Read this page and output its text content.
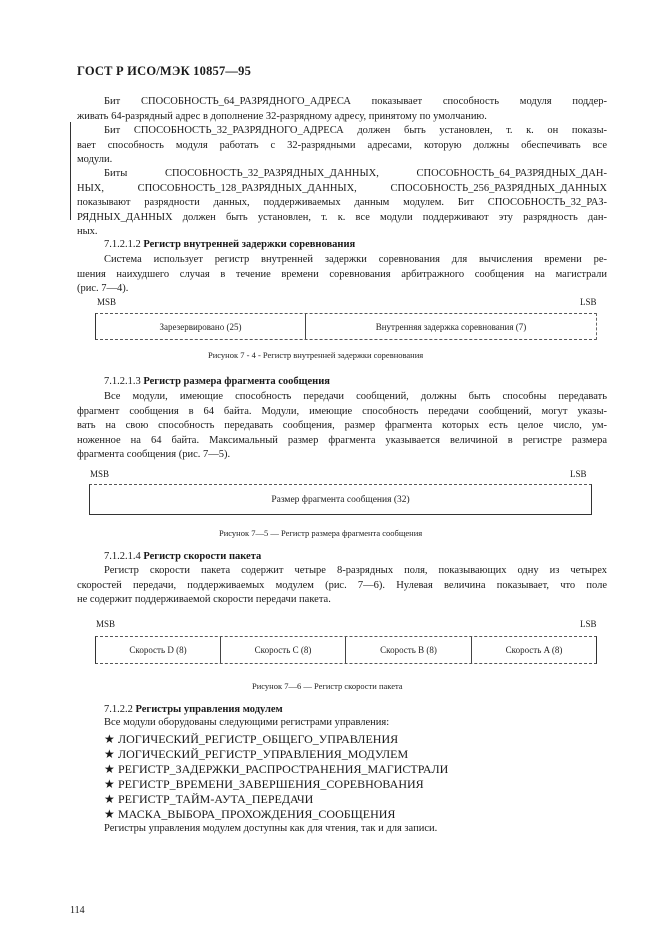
ГОСТ Р ИСО/МЭК 10857—95
Бит СПОСОБНОСТЬ_64_РАЗРЯДНОГО_АДРЕСА показывает способность модуля поддер-
живать 64-разрядный адрес в дополнение 32-разрядному адресу, принятому по умолчанию.
Бит СПОСОБНОСТЬ_32_РАЗРЯДНОГО_АДРЕСА должен быть установлен, т. к. он показы-
вает способность модуля работать с 32-разрядными адресами, которую должны обеспечивать все
модули.
Биты СПОСОБНОСТЬ_32_РАЗРЯДНЫХ_ДАННЫХ, СПОСОБНОСТЬ_64_РАЗРЯДНЫХ_ДАН-
НЫХ, СПОСОБНОСТЬ_128_РАЗРЯДНЫХ_ДАННЫХ, СПОСОБНОСТЬ_256_РАЗРЯДНЫХ_ДАННЫХ
показывают разрядности данных, поддерживаемых данным модулем. Бит СПОСОБНОСТЬ_32_РАЗ-
РЯДНЫХ_ДАННЫХ должен быть установлен, т. к. все модули поддерживают эту разрядность дан-
ных.
7.1.2.1.2 Регистр внутренней задержки соревнования
Система использует регистр внутренней задержки соревнования для вычисления времени ре-
шения наихудшего случая в течение времени соревнования арбитражного сообщения на магистрали
(рис. 7—4).
MSB	LSB
Зарезервировано (25)	Внутренняя задержка соревнования (7)
Рисунок 7 - 4 - Регистр внутренней задержки соревнования
7.1.2.1.3 Регистр размера фрагмента сообщения
Все модули, имеющие способность передачи сообщений, должны быть способны передавать
фрагмент сообщения в 64 байта. Модули, имеющие способность передачи сообщений, могут указы-
вать на свою способность передавать сообщения, размер фрагмента которых есть целое число, ум-
ноженное на 64 байта. Максимальный размер фрагмента указывается величиной в регистре размера
фрагмента сообщения (рис. 7—5).
MSB	LSB
Размер фрагмента сообщения (32)
Рисунок 7—5 — Регистр размера фрагмента сообщения
7.1.2.1.4 Регистр скорости пакета
Регистр скорости пакета содержит четыре 8-разрядных поля, показывающих одну из четырех
скоростей передачи, поддерживаемых модулем (рис. 7—6). Нулевая величина показывает, что поле
не содержит поддерживаемой скорости передачи пакета.
MSB	LSB
Скорость D (8)	Скорость C (8)	Скорость B (8)	Скорость A (8)
Рисунок 7—6 — Регистр скорости пакета
7.1.2.2 Регистры управления модулем
Все модули оборудованы следующими регистрами управления:
★ ЛОГИЧЕСКИЙ_РЕГИСТР_ОБЩЕГО_УПРАВЛЕНИЯ
★ ЛОГИЧЕСКИЙ_РЕГИСТР_УПРАВЛЕНИЯ_МОДУЛЕМ
★ РЕГИСТР_ЗАДЕРЖКИ_РАСПРОСТРАНЕНИЯ_МАГИСТРАЛИ
★ РЕГИСТР_ВРЕМЕНИ_ЗАВЕРШЕНИЯ_СОРЕВНОВАНИЯ
★ РЕГИСТР_ТАЙМ-АУТА_ПЕРЕДАЧИ
★ МАСКА_ВЫБОРА_ПРОХОЖДЕНИЯ_СООБЩЕНИЯ
Регистры управления модулем доступны как для чтения, так и для записи.
114
